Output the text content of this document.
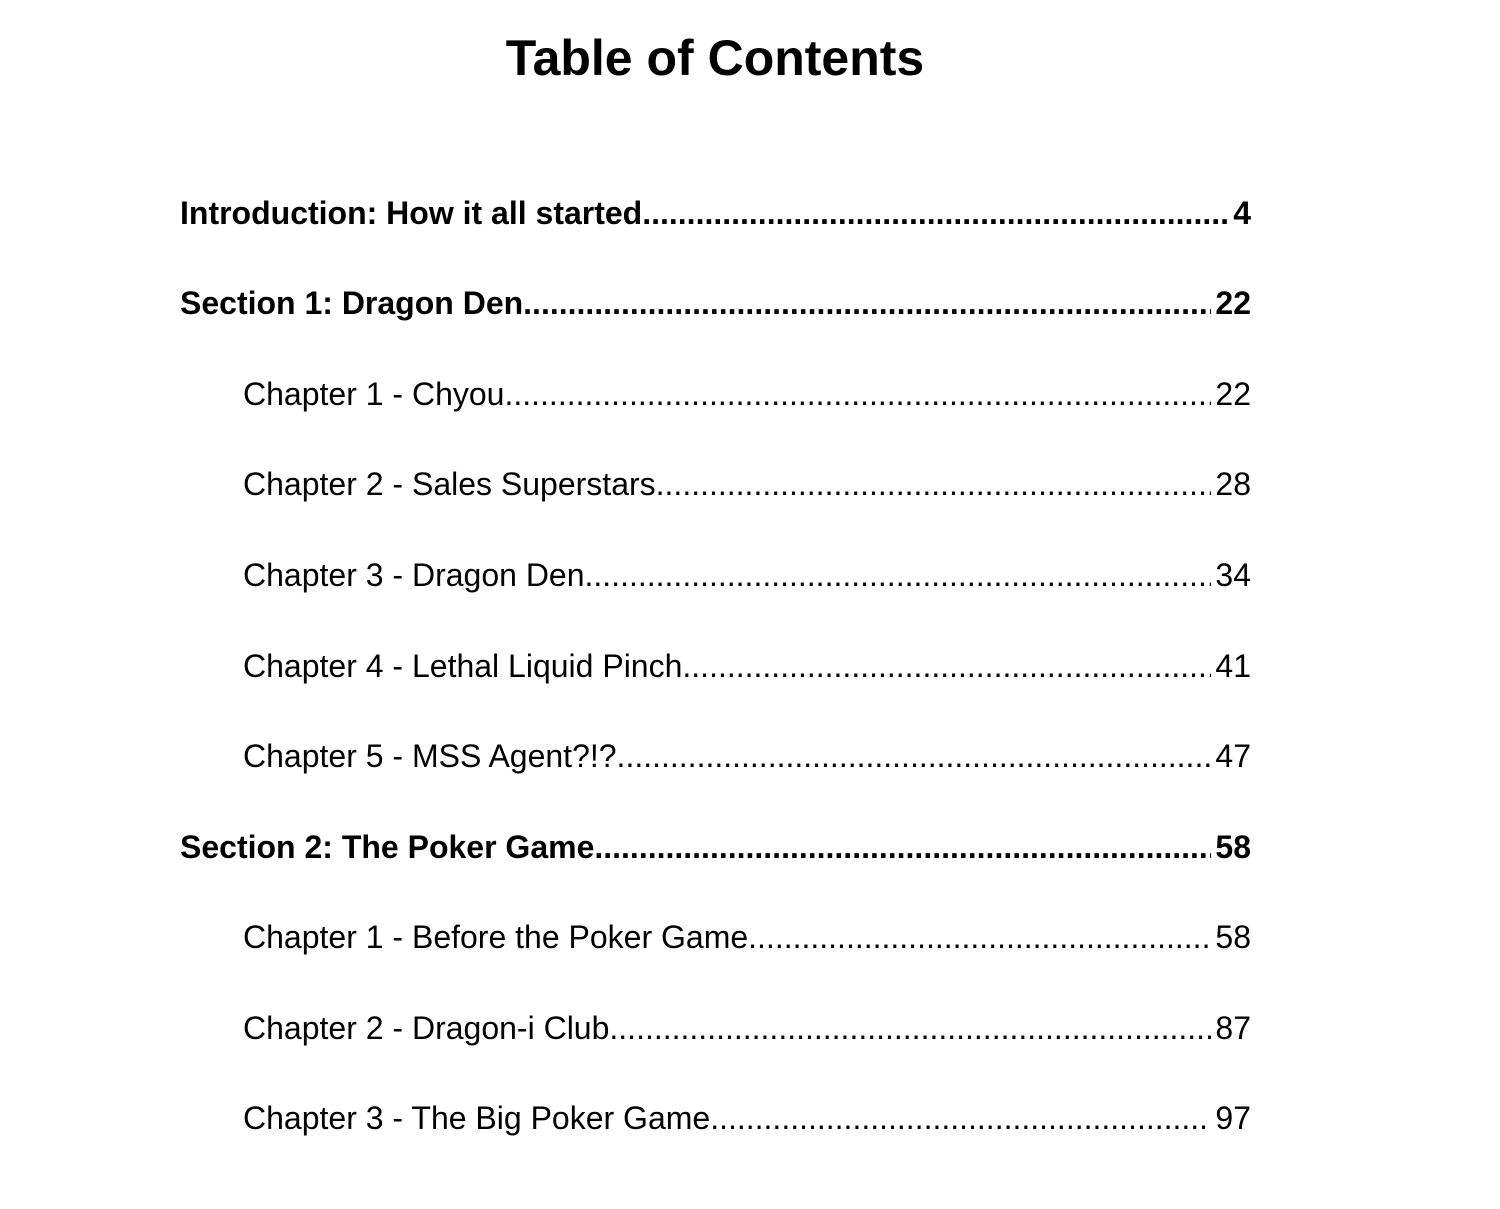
Table of Contents
Introduction: How it all started .....	4
Section 1: Dragon Den .....	22
Chapter 1 - Chyou .....	22
Chapter 2 - Sales Superstars .....	28
Chapter 3 - Dragon Den .....	34
Chapter 4 - Lethal Liquid Pinch .....	41
Chapter 5 - MSS Agent?!? .....	47
Section 2: The Poker Game .....	58
Chapter 1 - Before the Poker Game .....	58
Chapter 2 - Dragon-i Club .....	87
Chapter 3 - The Big Poker Game .....	97
